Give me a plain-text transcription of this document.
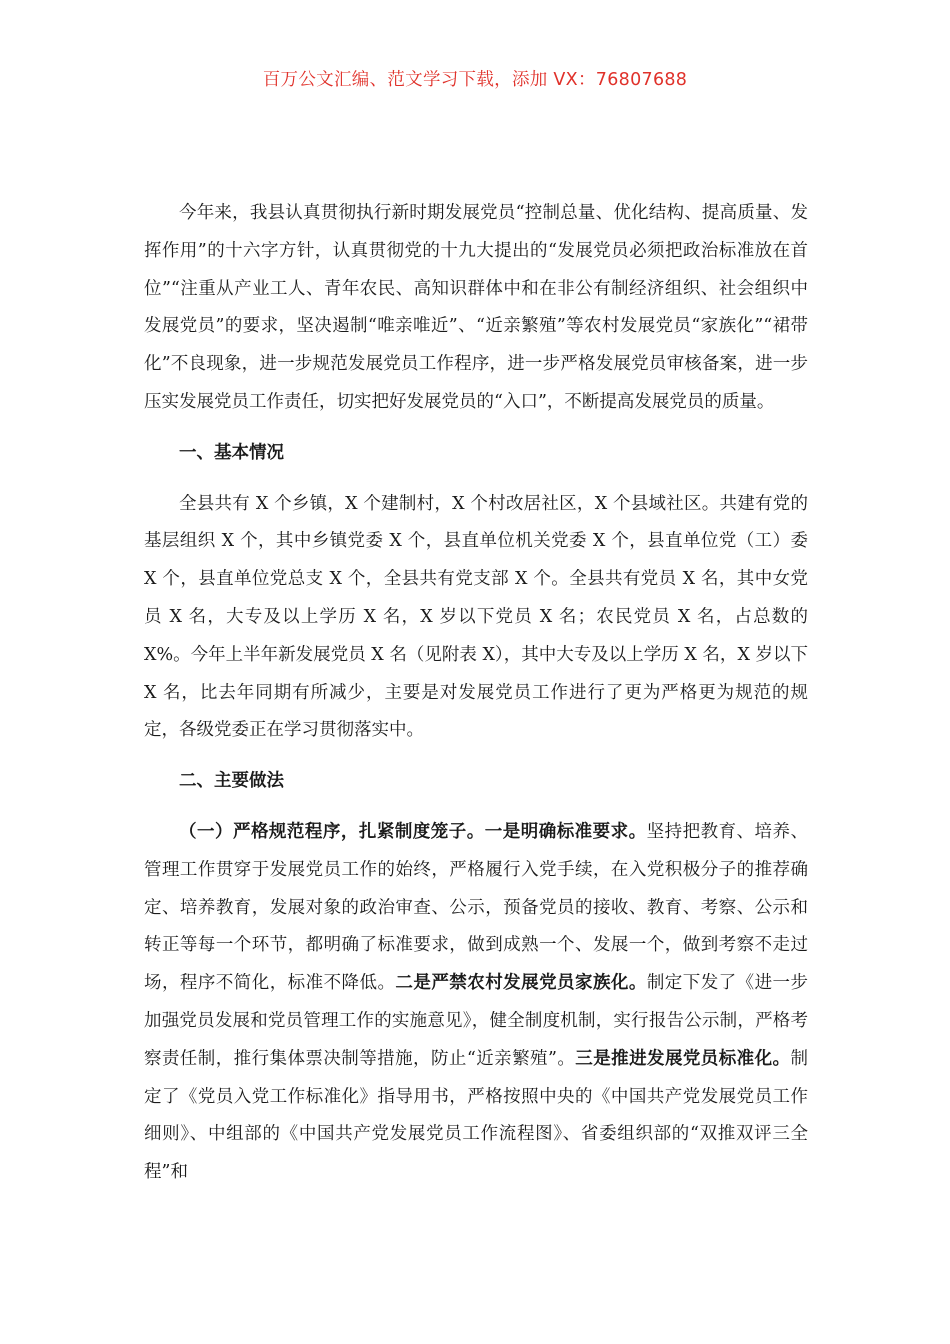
百万公文汇编、范文学习下载，添加 VX：76807688

今年来，我县认真贯彻执行新时期发展党员“控制总量、优化结构、提高质量、发挥作用”的十六字方针，认真贯彻党的十九大提出的“发展党员必须把政治标准放在首位”“注重从产业工人、青年农民、高知识群体中和在非公有制经济组织、社会组织中发展党员”的要求，坚决遏制“唯亲唯近”、“近亲繁殖”等农村发展党员“家族化”“裙带化”不良现象，进一步规范发展党员工作程序，进一步严格发展党员审核备案，进一步压实发展党员工作责任，切实把好发展党员的“入口”，不断提高发展党员的质量。

一、基本情况

全县共有 X 个乡镇，X 个建制村，X 个村改居社区，X 个县域社区。共建有党的基层组织 X 个，其中乡镇党委 X 个，县直单位机关党委 X 个，县直单位党（工）委 X 个，县直单位党总支 X 个，全县共有党支部 X 个。全县共有党员 X 名，其中女党员 X 名，大专及以上学历 X 名，X 岁以下党员 X 名；农民党员 X 名，占总数的 X%。今年上半年新发展党员 X 名（见附表 X），其中大专及以上学历 X 名，X 岁以下　X 名，比去年同期有所减少，主要是对发展党员工作进行了更为严格更为规范的规定，各级党委正在学习贯彻落实中。

二、主要做法

（一）严格规范程序，扎紧制度笼子。一是明确标准要求。坚持把教育、培养、管理工作贯穿于发展党员工作的始终，严格履行入党手续，在入党积极分子的推荐确定、培养教育，发展对象的政治审查、公示，预备党员的接收、教育、考察、公示和转正等每一个环节，都明确了标准要求，做到成熟一个、发展一个，做到考察不走过场，程序不简化，标准不降低。二是严禁农村发展党员家族化。制定下发了《进一步加强党员发展和党员管理工作的实施意见》，健全制度机制，实行报告公示制，严格考察责任制，推行集体票决制等措施，防止“近亲繁殖”。三是推进发展党员标准化。制定了《党员入党工作标准化》指导用书，严格按照中央的《中国共产党发展党员工作细则》、中组部的《中国共产党发展党员工作流程图》、省委组织部的“双推双评三全程”和
